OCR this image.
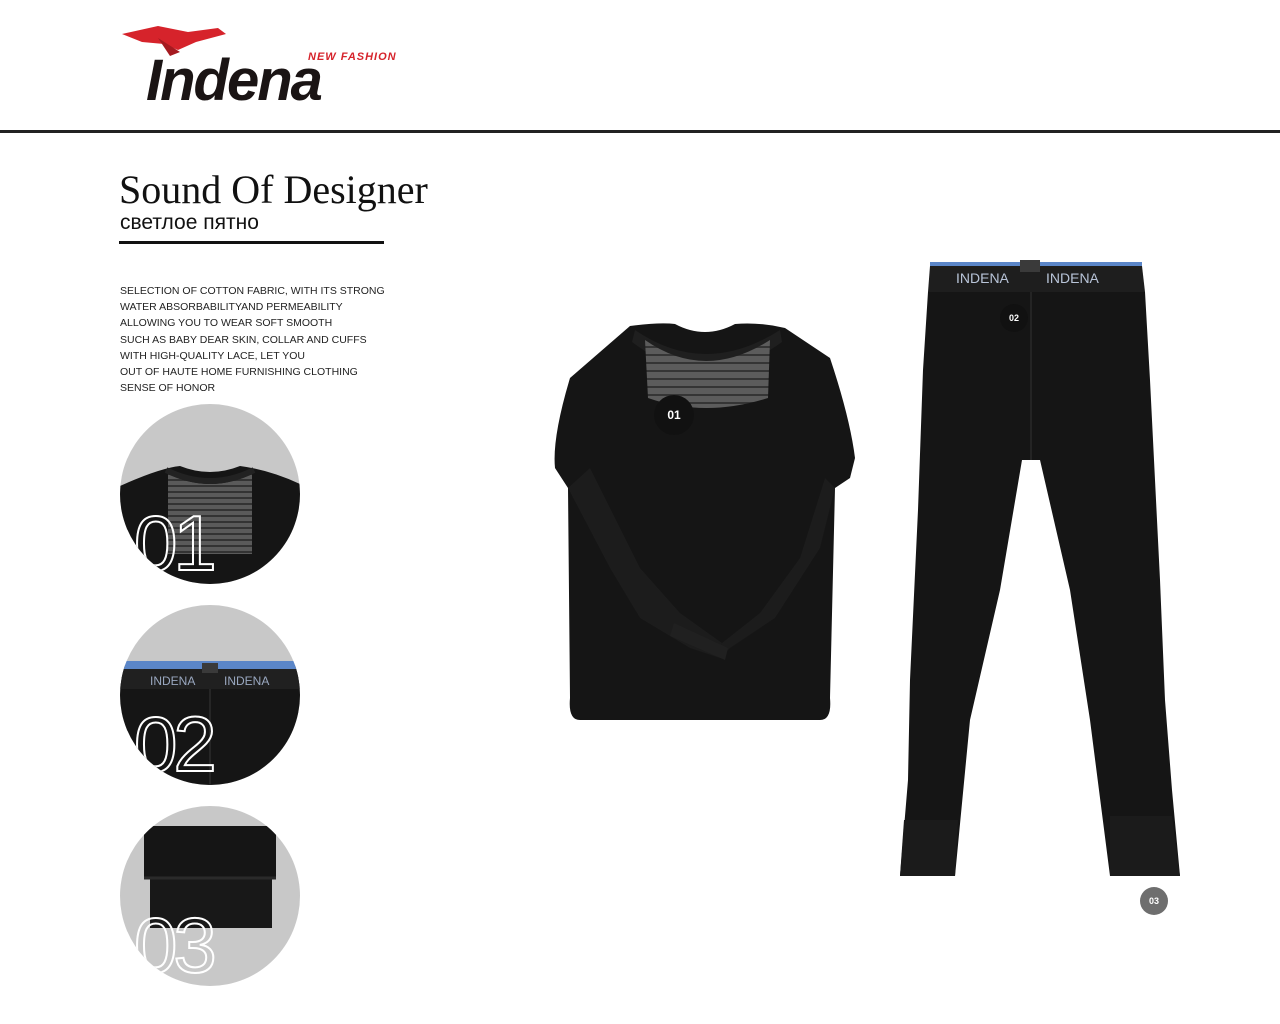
Indena
NEW FASHION
Sound Of Designer
светлое пятно
SELECTION OF COTTON FABRIC, WITH ITS STRONG
WATER ABSORBABILITYAND PERMEABILITY
ALLOWING YOU TO WEAR SOFT SMOOTH
SUCH AS BABY DEAR SKIN, COLLAR AND CUFFS
WITH HIGH-QUALITY LACE, LET YOU
OUT OF HAUTE HOME FURNISHING CLOTHING
SENSE OF HONOR
01
INDENA INDENA
02
03
INDENA	INDENA
01
02
03
